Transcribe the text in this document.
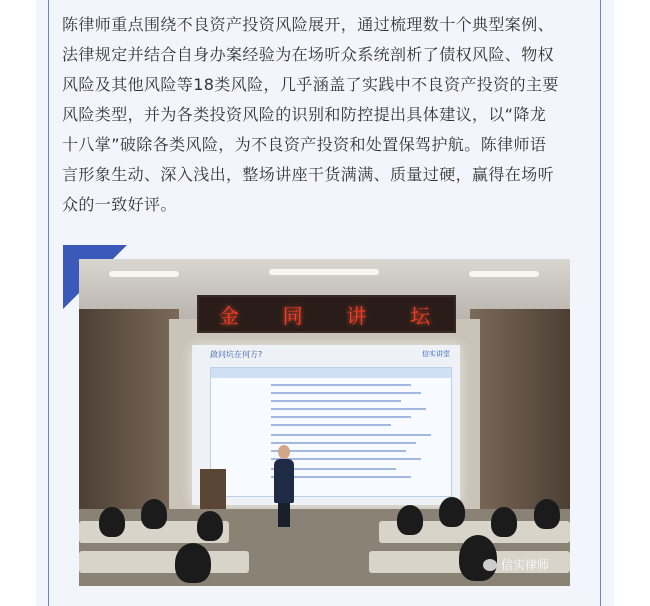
陈律师重点围绕不良资产投资风险展开，通过梳理数十个典型案例、
法律规定并结合自身办案经验为在场听众系统剖析了债权风险、物权
风险及其他风险等18类风险，几乎涵盖了实践中不良资产投资的主要
风险类型，并为各类投资风险的识别和防控提出具体建议，以“降龙
十八掌”破除各类风险，为不良资产投资和处置保驾护航。陈律师语
言形象生动、深入浅出，整场讲座干货满满、质量过硬，赢得在场听
众的一致好评。

金 同 讲 坛
啟问坑在何方?	信实讲堂
信实律师
